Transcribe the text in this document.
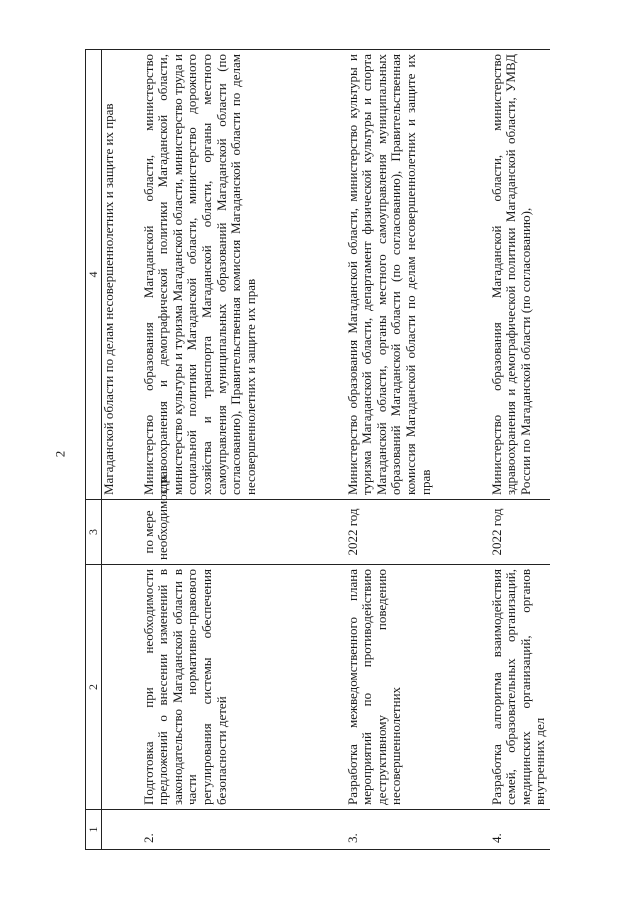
2
1	2	3	4
			Магаданской области по делам несовершеннолетних и защите их прав
2.	Подготовка при необходимости предложений о внесении изменений в законодательство Магаданской области в части нормативно-правового регулирования системы обеспечения безопасности детей	по мере необходимости	Министерство образования Магаданской области, министерство здравоохранения и демографической политики Магаданской области, министерство культуры и туризма Магаданской области, министерство труда и социальной политики Магаданской области, министерство дорожного хозяйства и транспорта Магаданской области, органы местного самоуправления муниципальных образований Магаданской области (по согласованию), Правительственная комиссия Магаданской области по делам несовершеннолетних и защите их прав
3.	Разработка межведомственного плана мероприятий по противодействию деструктивному поведению несовершеннолетних	2022 год	Министерство образования Магаданской области, министерство культуры и туризма Магаданской области, департамент физической культуры и спорта Магаданской области, органы местного самоуправления муниципальных образований Магаданской области (по согласованию), Правительственная комиссия Магаданской области по делам несовершеннолетних и защите их прав
4.	Разработка алгоритма взаимодействия семей, образовательных организаций, медицинских организаций, органов внутренних дел	2022 год	Министерство образования Магаданской области, министерство здравоохранения и демографической политики Магаданской области, УМВД России по Магаданской области (по согласованию),
